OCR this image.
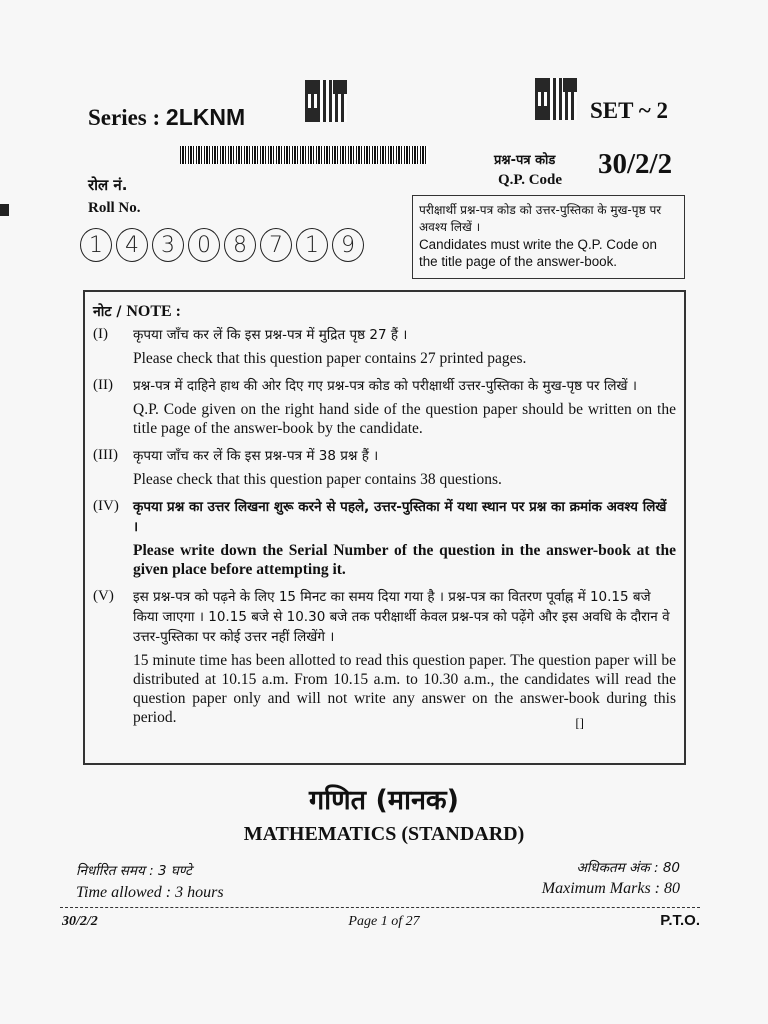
Series : 2LKNM	SET ~ 2
रोल नं.
Roll No.
1	4	3	0	8	7	1	9
प्रश्न-पत्र कोड
Q.P. Code 30/2/2
परीक्षार्थी प्रश्न-पत्र कोड को उत्तर-पुस्तिका के मुख-पृष्ठ पर अवश्य लिखें ।
Candidates must write the Q.P. Code on the title page of the answer-book.
नोट / NOTE :
(I)	कृपया जाँच कर लें कि इस प्रश्न-पत्र में मुद्रित पृष्ठ 27 हैं ।
Please check that this question paper contains 27 printed pages.
(II)	प्रश्न-पत्र में दाहिने हाथ की ओर दिए गए प्रश्न-पत्र कोड को परीक्षार्थी उत्तर-पुस्तिका के मुख-पृष्ठ पर लिखें ।
Q.P. Code given on the right hand side of the question paper should be written on the title page of the answer-book by the candidate.
(III)	कृपया जाँच कर लें कि इस प्रश्न-पत्र में 38 प्रश्न हैं ।
Please check that this question paper contains 38 questions.
(IV)	कृपया प्रश्न का उत्तर लिखना शुरू करने से पहले, उत्तर-पुस्तिका में यथा स्थान पर प्रश्न का क्रमांक अवश्य लिखें ।
Please write down the Serial Number of the question in the answer-book at the given place before attempting it.
(V)	इस प्रश्न-पत्र को पढ़ने के लिए 15 मिनट का समय दिया गया है । प्रश्न-पत्र का वितरण पूर्वाह्न में 10.15 बजे किया जाएगा । 10.15 बजे से 10.30 बजे तक परीक्षार्थी केवल प्रश्न-पत्र को पढ़ेंगे और इस अवधि के दौरान वे उत्तर-पुस्तिका पर कोई उत्तर नहीं लिखेंगे ।
15 minute time has been allotted to read this question paper. The question paper will be distributed at 10.15 a.m. From 10.15 a.m. to 10.30 a.m., the candidates will read the question paper only and will not write any answer on the answer-book during this period.	[]
गणित (मानक)
MATHEMATICS (STANDARD)
निर्धारित समय : 3 घण्टे
Time allowed : 3 hours
अधिकतम अंक : 80
Maximum Marks : 80
30/2/2	Page 1 of 27	P.T.O.
